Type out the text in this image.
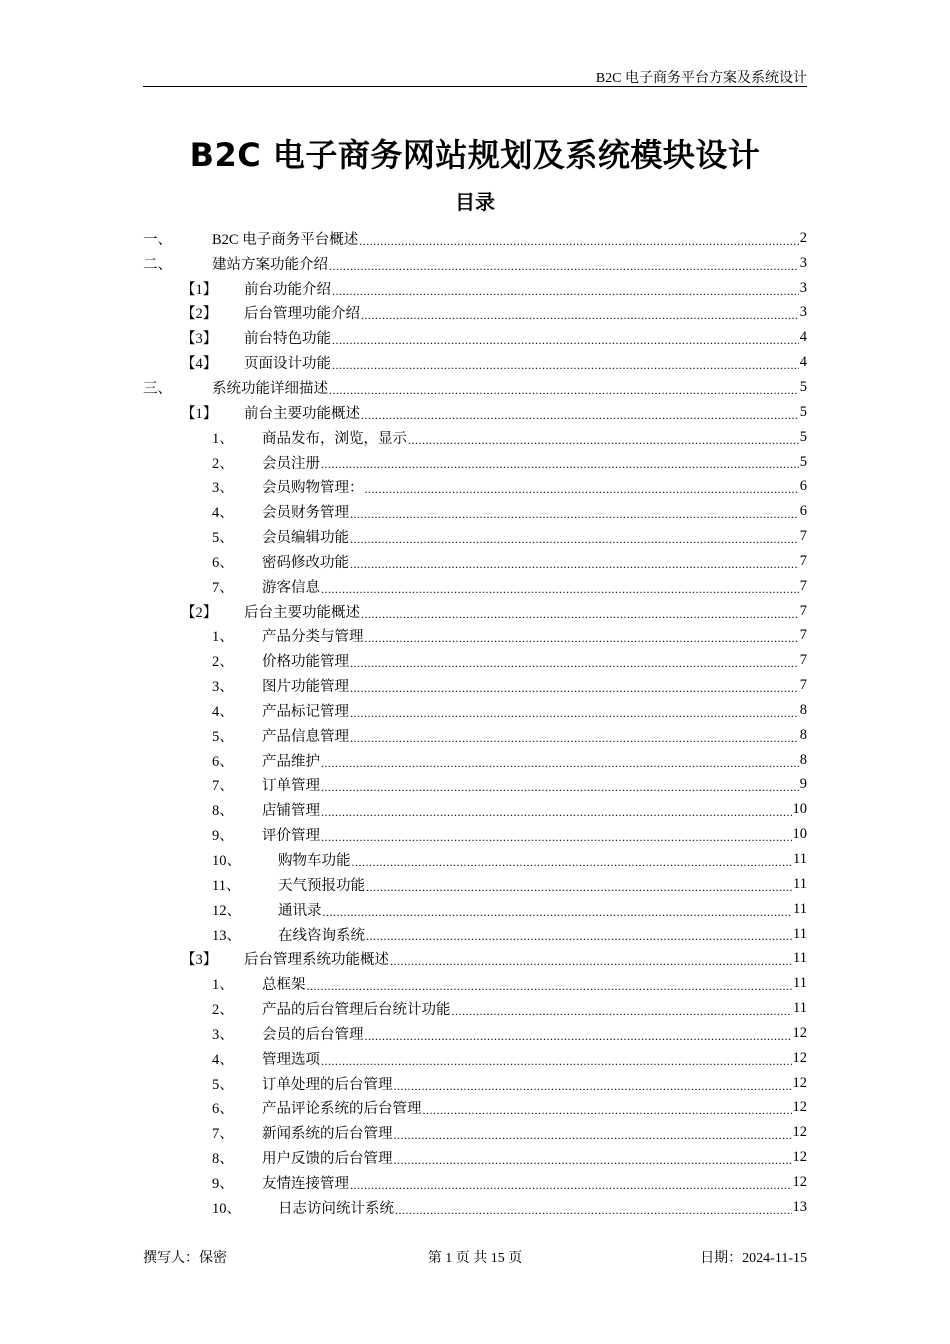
B2C 电子商务平台方案及系统设计
B2C 电子商务网站规划及系统模块设计
目录
一、	B2C 电子商务平台概述 .....	2
二、	建站方案功能介绍 .....	3
【1】	前台功能介绍 .....	3
【2】	后台管理功能介绍 .....	3
【3】	前台特色功能 .....	4
【4】	页面设计功能 .....	4
三、	系统功能详细描述 .....	5
【1】	前台主要功能概述 .....	5
1、	商品发布，浏览，显示 .....	5
2、	会员注册 .....	5
3、	会员购物管理： .....	6
4、	会员财务管理 .....	6
5、	会员编辑功能 .....	7
6、	密码修改功能 .....	7
7、	游客信息 .....	7
【2】	后台主要功能概述 .....	7
1、	产品分类与管理 .....	7
2、	价格功能管理 .....	7
3、	图片功能管理 .....	7
4、	产品标记管理 .....	8
5、	产品信息管理 .....	8
6、	产品维护 .....	8
7、	订单管理 .....	9
8、	店铺管理 .....	10
9、	评价管理 .....	10
10、	购物车功能 .....	11
11、	天气预报功能 .....	11
12、	通讯录 .....	11
13、	在线咨询系统 .....	11
【3】	后台管理系统功能概述 .....	11
1、	总框架 .....	11
2、	产品的后台管理后台统计功能 .....	11
3、	会员的后台管理 .....	12
4、	管理选项 .....	12
5、	订单处理的后台管理 .....	12
6、	产品评论系统的后台管理 .....	12
7、	新闻系统的后台管理 .....	12
8、	用户反馈的后台管理 .....	12
9、	友情连接管理 .....	12
10、	日志访问统计系统 .....	13
撰写人：保密	第 1 页 共 15 页	日期：2024-11-15
